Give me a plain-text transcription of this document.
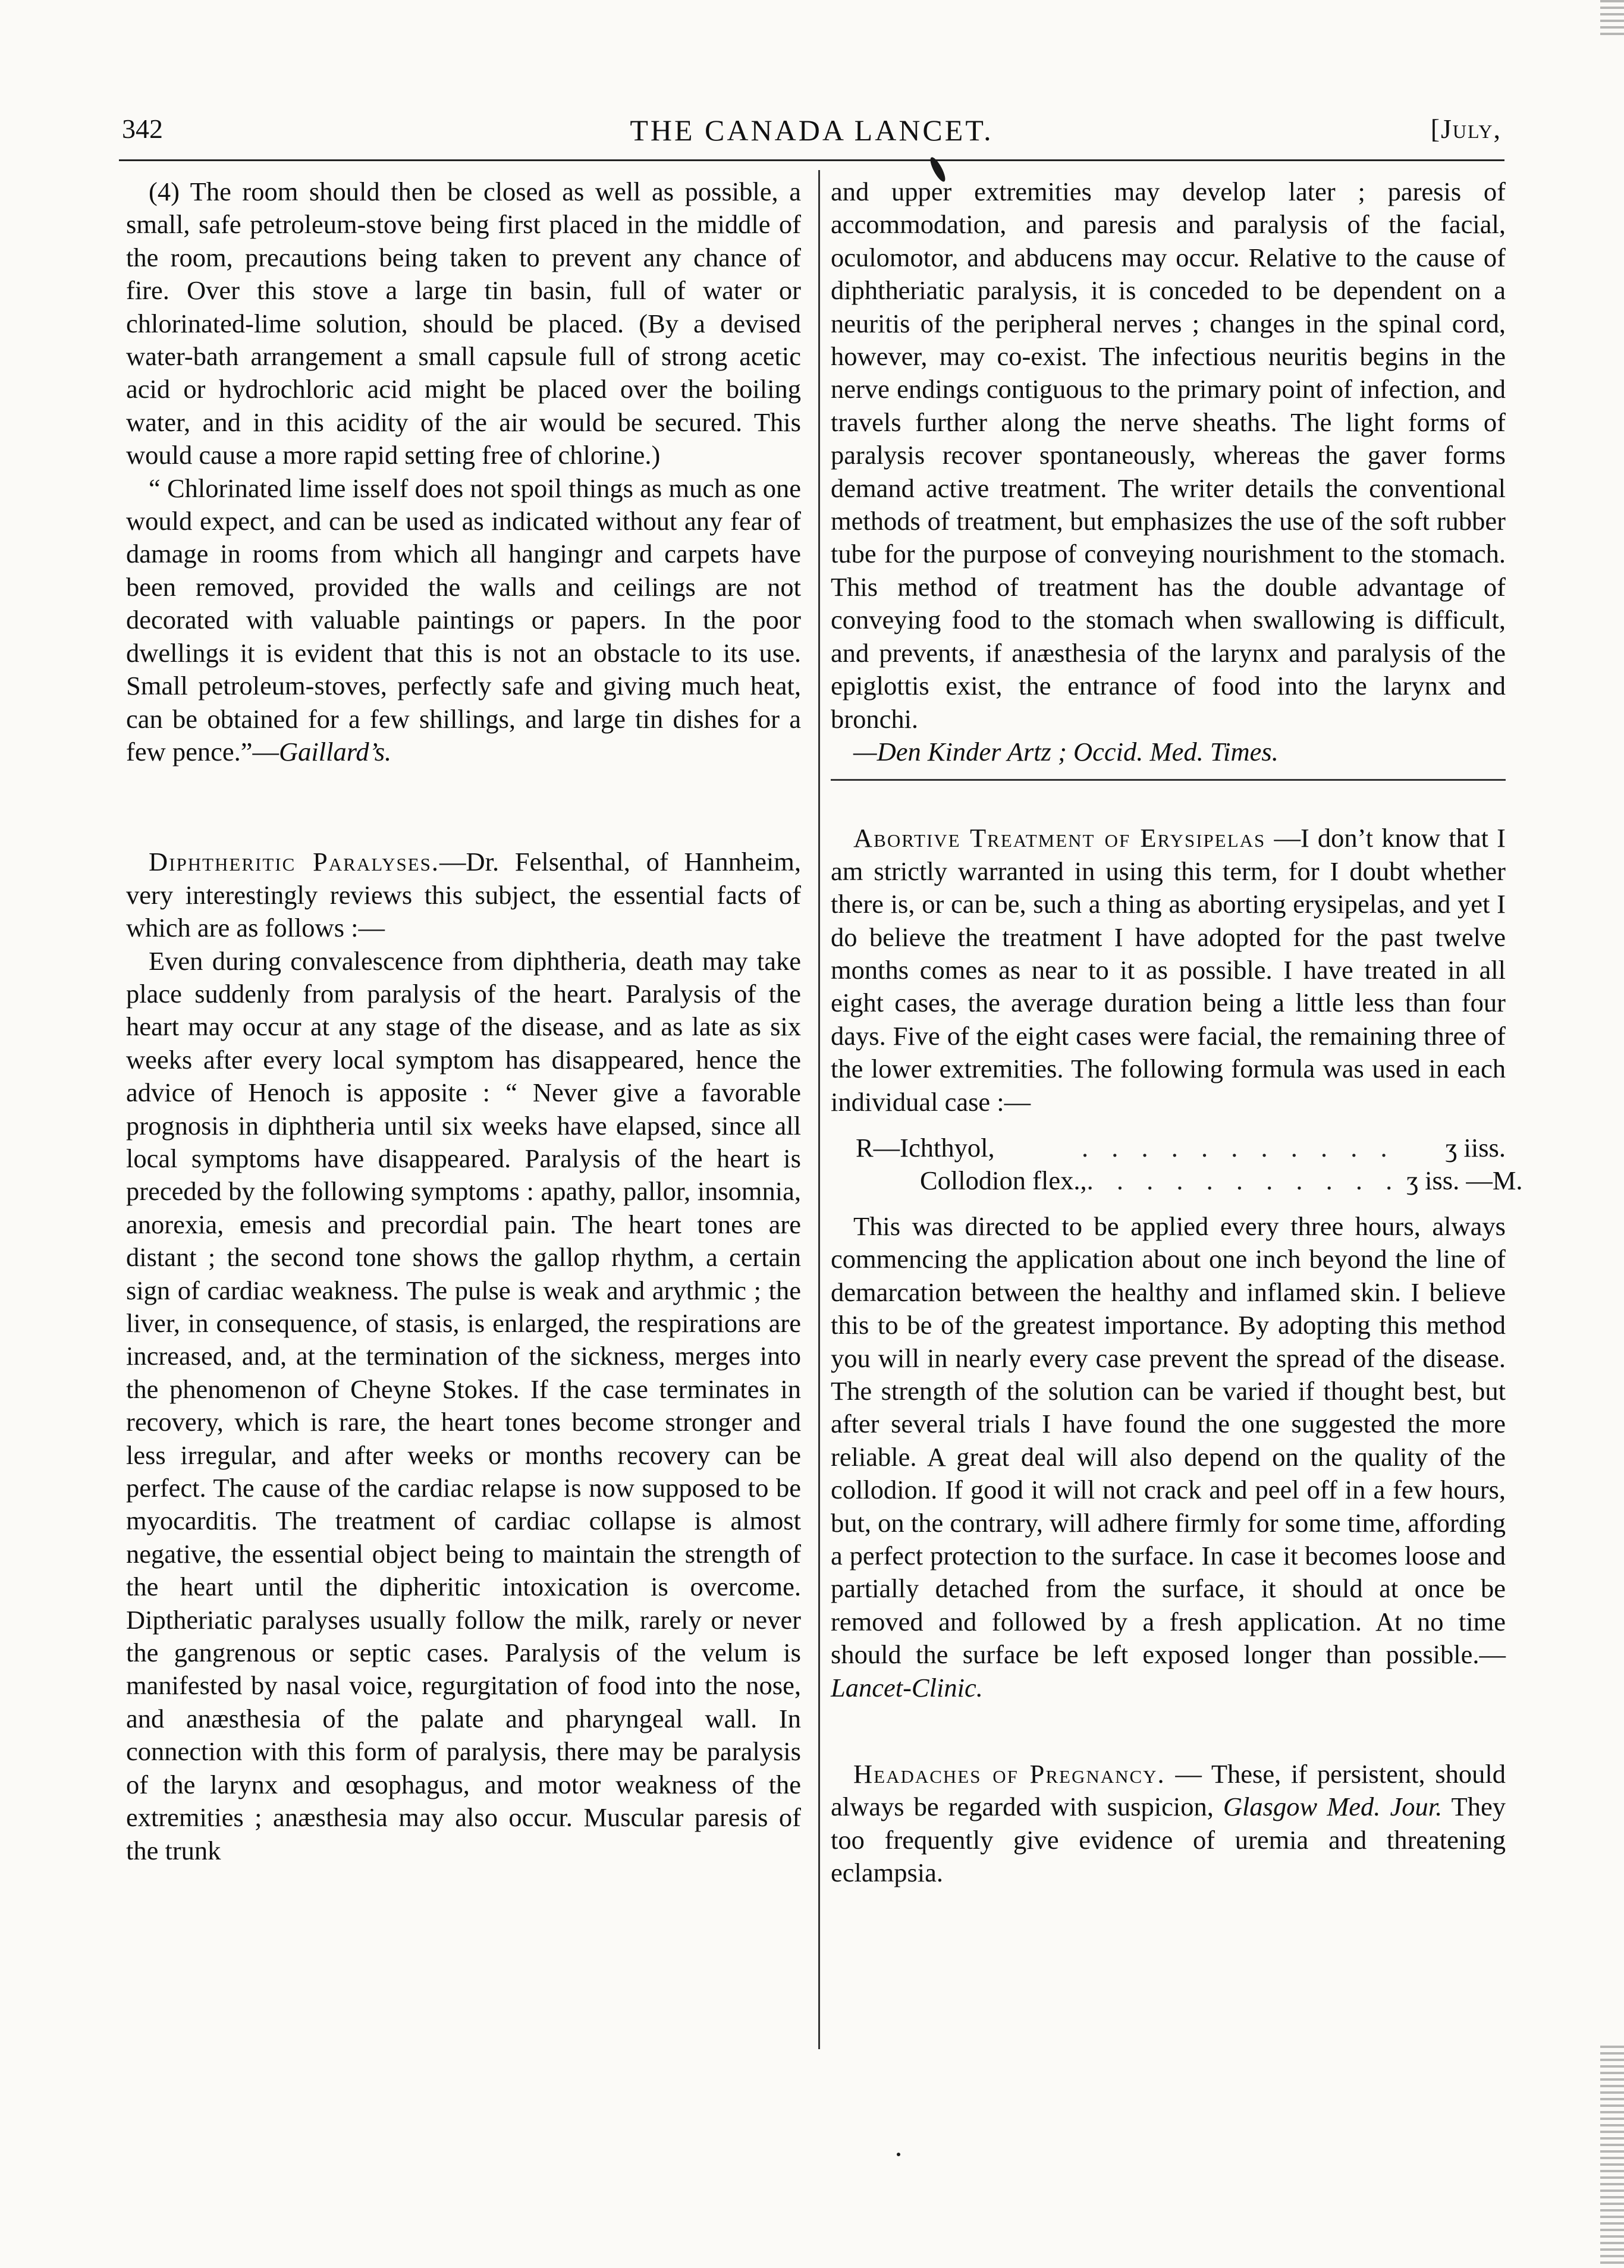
342	THE CANADA LANCET.	[July,

(4) The room should then be closed as well as possible, a small, safe petroleum-stove being first placed in the middle of the room, precautions being taken to prevent any chance of fire. Over this stove a large tin basin, full of water or chlorinated-lime solution, should be placed. (By a devised water-bath arrangement a small capsule full of strong acetic acid or hydrochloric acid might be placed over the boiling water, and in this acidity of the air would be secured. This would cause a more rapid setting free of chlorine.)

“ Chlorinated lime isself does not spoil things as much as one would expect, and can be used as indicated without any fear of damage in rooms from which all hangingr and carpets have been removed, provided the walls and ceilings are not decorated with valuable paintings or papers. In the poor dwellings it is evident that this is not an obstacle to its use. Small petroleum-stoves, perfectly safe and giving much heat, can be obtained for a few shillings, and large tin dishes for a few pence.”—Gaillard’s.

Diphtheritic Paralyses.—Dr. Felsenthal, of Hannheim, very interestingly reviews this subject, the essential facts of which are as follows :—

Even during convalescence from diphtheria, death may take place suddenly from paralysis of the heart. Paralysis of the heart may occur at any stage of the disease, and as late as six weeks after every local symptom has disappeared, hence the advice of Henoch is apposite : “ Never give a favorable prognosis in diphtheria until six weeks have elapsed, since all local symptoms have disappeared. Paralysis of the heart is preceded by the following symptoms : apathy, pallor, insomnia, anorexia, emesis and precordial pain. The heart tones are distant ; the second tone shows the gallop rhythm, a certain sign of cardiac weakness. The pulse is weak and arythmic ; the liver, in consequence, of stasis, is enlarged, the respirations are increased, and, at the termination of the sickness, merges into the phenomenon of Cheyne Stokes. If the case terminates in recovery, which is rare, the heart tones become stronger and less irregular, and after weeks or months recovery can be perfect. The cause of the cardiac relapse is now supposed to be myocarditis. The treatment of cardiac collapse is almost negative, the essential object being to maintain the strength of the heart until the dipheritic intoxication is overcome. Diptheriatic paralyses usually follow the milk, rarely or never the gangrenous or septic cases. Paralysis of the velum is manifested by nasal voice, regurgitation of food into the nose, and anæsthesia of the palate and pharyngeal wall. In connection with this form of paralysis, there may be paralysis of the larynx and œsophagus, and motor weakness of the extremities ; anæsthesia may also occur. Muscular paresis of the trunk

and upper extremities may develop later ; paresis of accommodation, and paresis and paralysis of the facial, oculomotor, and abducens may occur. Relative to the cause of diphtheriatic paralysis, it is conceded to be dependent on a neuritis of the peripheral nerves ; changes in the spinal cord, however, may co-exist. The infectious neuritis begins in the nerve endings contiguous to the primary point of infection, and travels further along the nerve sheaths. The light forms of paralysis recover spontaneously, whereas the gaver forms demand active treatment. The writer details the conventional methods of treatment, but emphasizes the use of the soft rubber tube for the purpose of conveying nourishment to the stomach. This method of treatment has the double advantage of conveying food to the stomach when swallowing is difficult, and prevents, if anæsthesia of the larynx and paralysis of the epiglottis exist, the entrance of food into the larynx and bronchi.

—Den Kinder Artz ; Occid. Med. Times.

Abortive Treatment of Erysipelas —I don’t know that I am strictly warranted in using this term, for I doubt whether there is, or can be, such a thing as aborting erysipelas, and yet I do believe the treatment I have adopted for the past twelve months comes as near to it as possible. I have treated in all eight cases, the average duration being a little less than four days. Five of the eight cases were facial, the remaining three of the lower extremities. The following formula was used in each individual case :—

R—Ichthyol,	. . . . . . . . . . .	ʒ iiss.
Collodion flex., . . . . . . . . . . . ʒ iss. —M.

This was directed to be applied every three hours, always commencing the application about one inch beyond the line of demarcation between the healthy and inflamed skin. I believe this to be of the greatest importance. By adopting this method you will in nearly every case prevent the spread of the disease. The strength of the solution can be varied if thought best, but after several trials I have found the one suggested the more reliable. A great deal will also depend on the quality of the collodion. If good it will not crack and peel off in a few hours, but, on the contrary, will adhere firmly for some time, affording a perfect protection to the surface. In case it becomes loose and partially detached from the surface, it should at once be removed and followed by a fresh application. At no time should the surface be left exposed longer than possible.—Lancet-Clinic.

Headaches of Pregnancy. — These, if persistent, should always be regarded with suspicion, Glasgow Med. Jour. They too frequently give evidence of uremia and threatening eclampsia.
